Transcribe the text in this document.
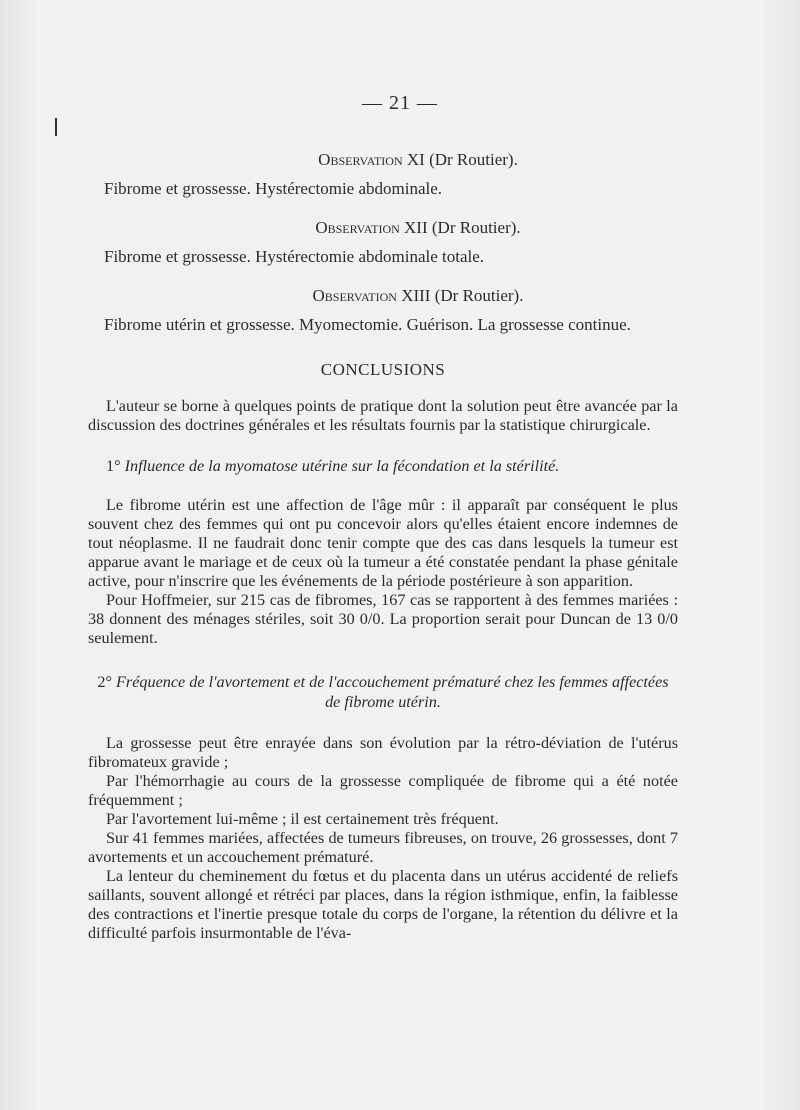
— 21 —

Observation XI (Dr Routier).

Fibrome et grossesse. Hystérectomie abdominale.

Observation XII (Dr Routier).

Fibrome et grossesse. Hystérectomie abdominale totale.

Observation XIII (Dr Routier).

Fibrome utérin et grossesse. Myomectomie. Guérison. La grossesse continue.

CONCLUSIONS

L'auteur se borne à quelques points de pratique dont la solution peut être avancée par la discussion des doctrines générales et les résultats fournis par la statistique chirurgicale.

1° Influence de la myomatose utérine sur la fécondation et la stérilité.

Le fibrome utérin est une affection de l'âge mûr : il apparaît par conséquent le plus souvent chez des femmes qui ont pu concevoir alors qu'elles étaient encore indemnes de tout néoplasme. Il ne faudrait donc tenir compte que des cas dans lesquels la tumeur est apparue avant le mariage et de ceux où la tumeur a été constatée pendant la phase génitale active, pour n'inscrire que les événements de la période postérieure à son apparition.

Pour Hoffmeier, sur 215 cas de fibromes, 167 cas se rapportent à des femmes mariées : 38 donnent des ménages stériles, soit 30 0/0. La proportion serait pour Duncan de 13 0/0 seulement.

2° Fréquence de l'avortement et de l'accouchement prématuré chez les femmes affectées de fibrome utérin.

La grossesse peut être enrayée dans son évolution par la rétro-déviation de l'utérus fibromateux gravide ;

Par l'hémorrhagie au cours de la grossesse compliquée de fibrome qui a été notée fréquemment ;

Par l'avortement lui-même ; il est certainement très fréquent.

Sur 41 femmes mariées, affectées de tumeurs fibreuses, on trouve, 26 grossesses, dont 7 avortements et un accouchement prématuré.

La lenteur du cheminement du fœtus et du placenta dans un utérus accidenté de reliefs saillants, souvent allongé et rétréci par places, dans la région isthmique, enfin, la faiblesse des contractions et l'inertie presque totale du corps de l'organe, la rétention du délivre et la difficulté parfois insurmontable de l'éva-
